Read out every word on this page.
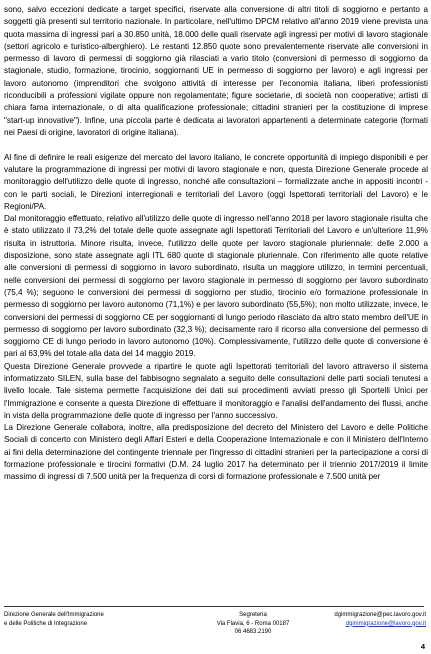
sono, salvo eccezioni dedicate a target specifici, riservate alla conversione di altri titoli di soggiorno e pertanto a soggetti già presenti sul territorio nazionale. In particolare, nell'ultimo DPCM relativo all'anno 2019 viene prevista una quota massima di ingressi pari a 30.850 unità, 18.000 delle quali riservate agli ingressi per motivi di lavoro stagionale (settori agricolo e turistico-alberghiero). Le restanti 12.850 quote sono prevalentemente riservate alle conversioni in permesso di lavoro di permessi di soggiorno già rilasciati a vario titolo (conversioni di permesso di soggiorno da stagionale, studio, formazione, tirocinio, soggiornanti UE in permesso di soggiorno per lavoro) e agli ingressi per lavoro autonomo (imprenditori che svolgono attività di interesse per l'economia italiana, liberi professionisti riconducibili a professioni vigilate oppure non regolamentate; figure societarie, di società non cooperative; artisti di chiara fama internazionale, o di alta qualificazione professionale; cittadini stranieri per la costituzione di imprese "start-up innovative"). Infine, una piccola parte è dedicata ai lavoratori appartenenti a determinate categorie (formati nei Paesi di origine, lavoratori di origine italiana).

Al fine di definire le reali esigenze del mercato del lavoro italiano, le concrete opportunità di impiego disponibili e per valutare la programmazione di ingressi per motivi di lavoro stagionale e non, questa Direzione Generale procede al monitoraggio dell'utilizzo delle quote di ingresso, nonché alle consultazioni – formalizzate anche in appositi incontri - con le parti sociali, le Direzioni interregionali e territoriali del Lavoro (oggi Ispettorati territoriali del Lavoro) e le Regioni/PA.

Dal monitoraggio effettuato, relativo all'utilizzo delle quote di ingresso nell'anno 2018 per lavoro stagionale risulta che è stato utilizzato il 73,2% del totale delle quote assegnate agli Ispettorati Territoriali del Lavoro e un'ulteriore 11,9% risulta in istruttoria. Minore risulta, invece, l'utilizzo delle quote per lavoro stagionale pluriennale: delle 2.000 a disposizione, sono state assegnate agli ITL 680 quote di stagionale pluriennale. Con riferimento alle quote relative alle conversioni di permessi di soggiorno in lavoro subordinato, risulta un maggiore utilizzo, in termini percentuali, nelle conversioni dei permessi di soggiorno per lavoro stagionale in permesso di soggiorno per lavoro subordinato (75,4 %); seguono le conversioni dei permessi di soggiorno per studio, tirocinio e/o formazione professionale in permesso di soggiorno per lavoro autonomo (71,1%) e per lavoro subordinato (55,5%); non molto utilizzate, invece, le conversioni dei permessi di soggiorno CE per soggiornanti di lungo periodo rilasciato da altro stato membro dell'UE in permesso di soggiorno per lavoro subordinato (32,3 %); decisamente raro il ricorso alla conversione del permesso di soggiorno CE di lungo periodo in lavoro autonomo (10%). Complessivamente, l'utilizzo delle quote di conversione è pari al 63,9% del totale alla data del 14 maggio 2019.

Questa Direzione Generale provvede a ripartire le quote agli Ispettorati territoriali del lavoro attraverso il sistema informatizzato SILEN, sulla base del fabbisogno segnalato a seguito delle consultazioni delle parti sociali tenutesi a livello locale. Tale sistema permette l'acquisizione dei dati sui procedimenti avviati presso gli Sportelli Unici per l'Immigrazione e consente a questa Direzione di effettuare il monitoraggio e l'analisi dell'andamento dei flussi, anche in vista della programmazione delle quote di ingresso per l'anno successivo.

La Direzione Generale collabora, inoltre, alla predisposizione del decreto del Ministero del Lavoro e delle Politiche Sociali di concerto con Ministero degli Affari Esteri e della Cooperazione Internazionale e con il Ministero dell'Interno ai fini della determinazione del contingente triennale per l'ingresso di cittadini stranieri per la partecipazione a corsi di formazione professionale e tirocini formativi (D.M. 24 luglio 2017 ha determinato per il triennio 2017/2019 il limite massimo di ingressi di 7.500 unità per la frequenza di corsi di formazione professionale e 7.500 unità per

Direzione Generale dell'Immigrazione
e delle Politiche di Integrazione
Segreteria
Via Flavia, 6 - Roma 00187
06 4683.2190
dgimmigrazione@pec.lavoro.gov.it
dgimmigrazione@lavoro.gov.it
4
